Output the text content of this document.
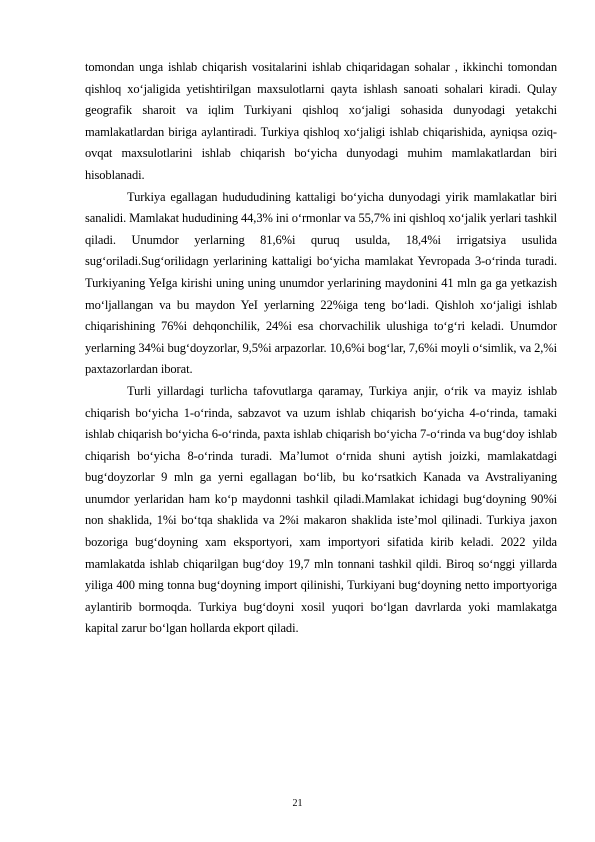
tomondan unga ishlab chiqarish vositalarini ishlab chiqaridagan sohalar , ikkinchi tomondan qishloq xo‘jaligida yetishtirilgan maxsulotlarni qayta ishlash sanoati sohalari kiradi. Qulay geografik sharoit va iqlim Turkiyani qishloq xo‘jaligi sohasida dunyodagi yetakchi mamlakatlardan biriga aylantiradi. Turkiya qishloq xo‘jaligi ishlab chiqarishida, ayniqsa oziq-ovqat maxsulotlarini ishlab chiqarish bo‘yicha dunyodagi muhim mamlakatlardan biri hisoblanadi.

Turkiya egallagan hudududining kattaligi bo‘yicha dunyodagi yirik mamlakatlar biri sanalidi. Mamlakat hududining 44,3% ini o‘rmonlar va 55,7% ini qishloq xo‘jalik yerlari tashkil qiladi. Unumdor yerlarning 81,6%i quruq usulda, 18,4%i irrigatsiya usulida sug‘oriladi.Sug‘orilidagn yerlarining kattaligi bo‘yicha mamlakat Yevropada 3-o‘rinda turadi. Turkiyaning YeIga kirishi uning uning unumdor yerlarining maydonini 41 mln ga ga yetkazish mo‘ljallangan va bu maydon YeI yerlarning 22%iga teng bo‘ladi. Qishloh xo‘jaligi ishlab chiqarishining 76%i dehqonchilik, 24%i esa chorvachilik ulushiga to‘g‘ri keladi. Unumdor yerlarning 34%i bug‘doyzorlar, 9,5%i arpazorlar. 10,6%i bog‘lar, 7,6%i moyli o‘simlik, va 2,%i paxtazorlardan iborat.

Turli yillardagi turlicha tafovutlarga qaramay, Turkiya anjir, o‘rik va mayiz ishlab chiqarish bo‘yicha 1-o‘rinda, sabzavot va uzum ishlab chiqarish bo‘yicha 4-o‘rinda, tamaki ishlab chiqarish bo‘yicha 6-o‘rinda, paxta ishlab chiqarish bo‘yicha 7-o‘rinda va bug‘doy ishlab chiqarish bo‘yicha 8-o‘rinda turadi. Ma’lumot o‘rnida shuni aytish joizki, mamlakatdagi bug‘doyzorlar 9 mln ga yerni egallagan bo‘lib, bu ko‘rsatkich Kanada va Avstraliyaning unumdor yerlaridan ham ko‘p maydonni tashkil qiladi.Mamlakat ichidagi bug‘doyning 90%i non shaklida, 1%i bo‘tqa shaklida va 2%i makaron shaklida iste’mol qilinadi. Turkiya jaxon bozoriga bug‘doyning xam eksportyori, xam importyori sifatida kirib keladi. 2022 yilda mamlakatda ishlab chiqarilgan bug‘doy 19,7 mln tonnani tashkil qildi. Biroq so‘nggi yillarda yiliga 400 ming tonna bug‘doyning import qilinishi, Turkiyani bug‘doyning netto importyoriga aylantirib bormoqda. Turkiya bug‘doyni xosil yuqori bo‘lgan davrlarda yoki mamlakatga kapital zarur bo‘lgan hollarda ekport qiladi.

21
